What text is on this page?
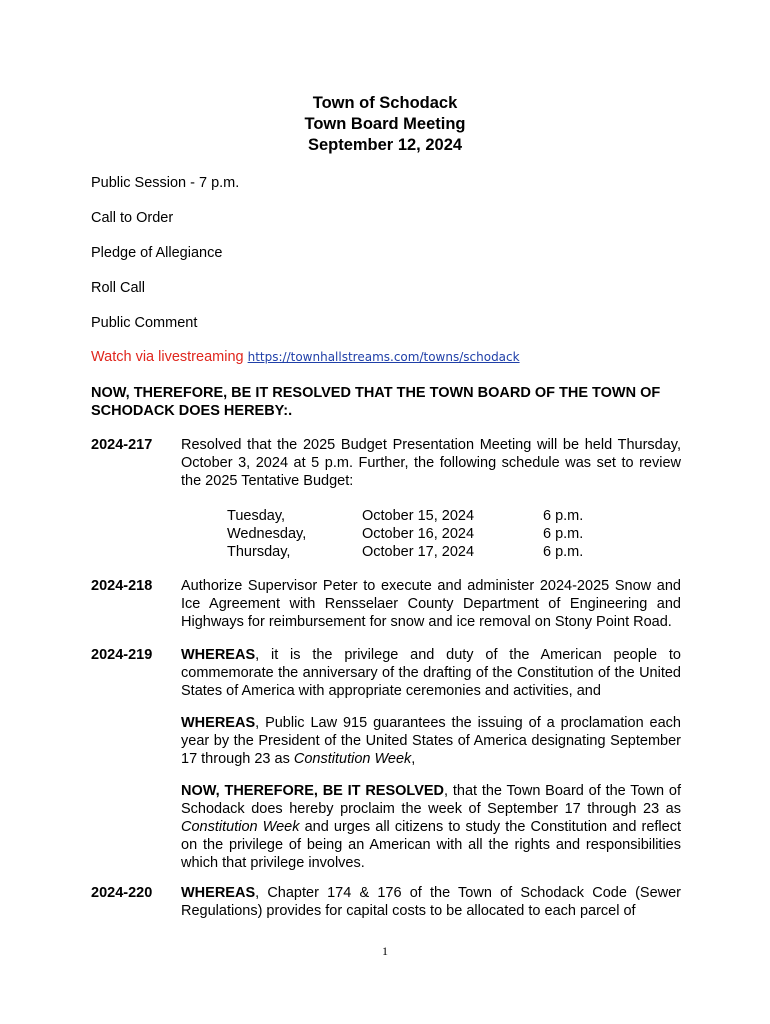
Town of Schodack
Town Board Meeting
September 12, 2024
Public Session - 7 p.m.
Call to Order
Pledge of Allegiance
Roll Call
Public Comment
Watch via livestreaming https://townhallstreams.com/towns/schodack
NOW, THEREFORE, BE IT RESOLVED THAT THE TOWN BOARD OF THE TOWN OF SCHODACK DOES HEREBY:.
2024-217 Resolved that the 2025 Budget Presentation Meeting will be held Thursday, October 3, 2024 at 5 p.m. Further, the following schedule was set to review the 2025 Tentative Budget:
Tuesday,	October 15, 2024	6 p.m.
Wednesday,	October 16, 2024	6 p.m.
Thursday,	October 17, 2024	6 p.m.
2024-218 Authorize Supervisor Peter to execute and administer 2024-2025 Snow and Ice Agreement with Rensselaer County Department of Engineering and Highways for reimbursement for snow and ice removal on Stony Point Road.
2024-219 WHEREAS, it is the privilege and duty of the American people to commemorate the anniversary of the drafting of the Constitution of the United States of America with appropriate ceremonies and activities, and
WHEREAS, Public Law 915 guarantees the issuing of a proclamation each year by the President of the United States of America designating September 17 through 23 as Constitution Week,
NOW, THEREFORE, BE IT RESOLVED, that the Town Board of the Town of Schodack does hereby proclaim the week of September 17 through 23 as Constitution Week and urges all citizens to study the Constitution and reflect on the privilege of being an American with all the rights and responsibilities which that privilege involves.
2024-220 WHEREAS, Chapter 174 & 176 of the Town of Schodack Code (Sewer Regulations) provides for capital costs to be allocated to each parcel of
1
